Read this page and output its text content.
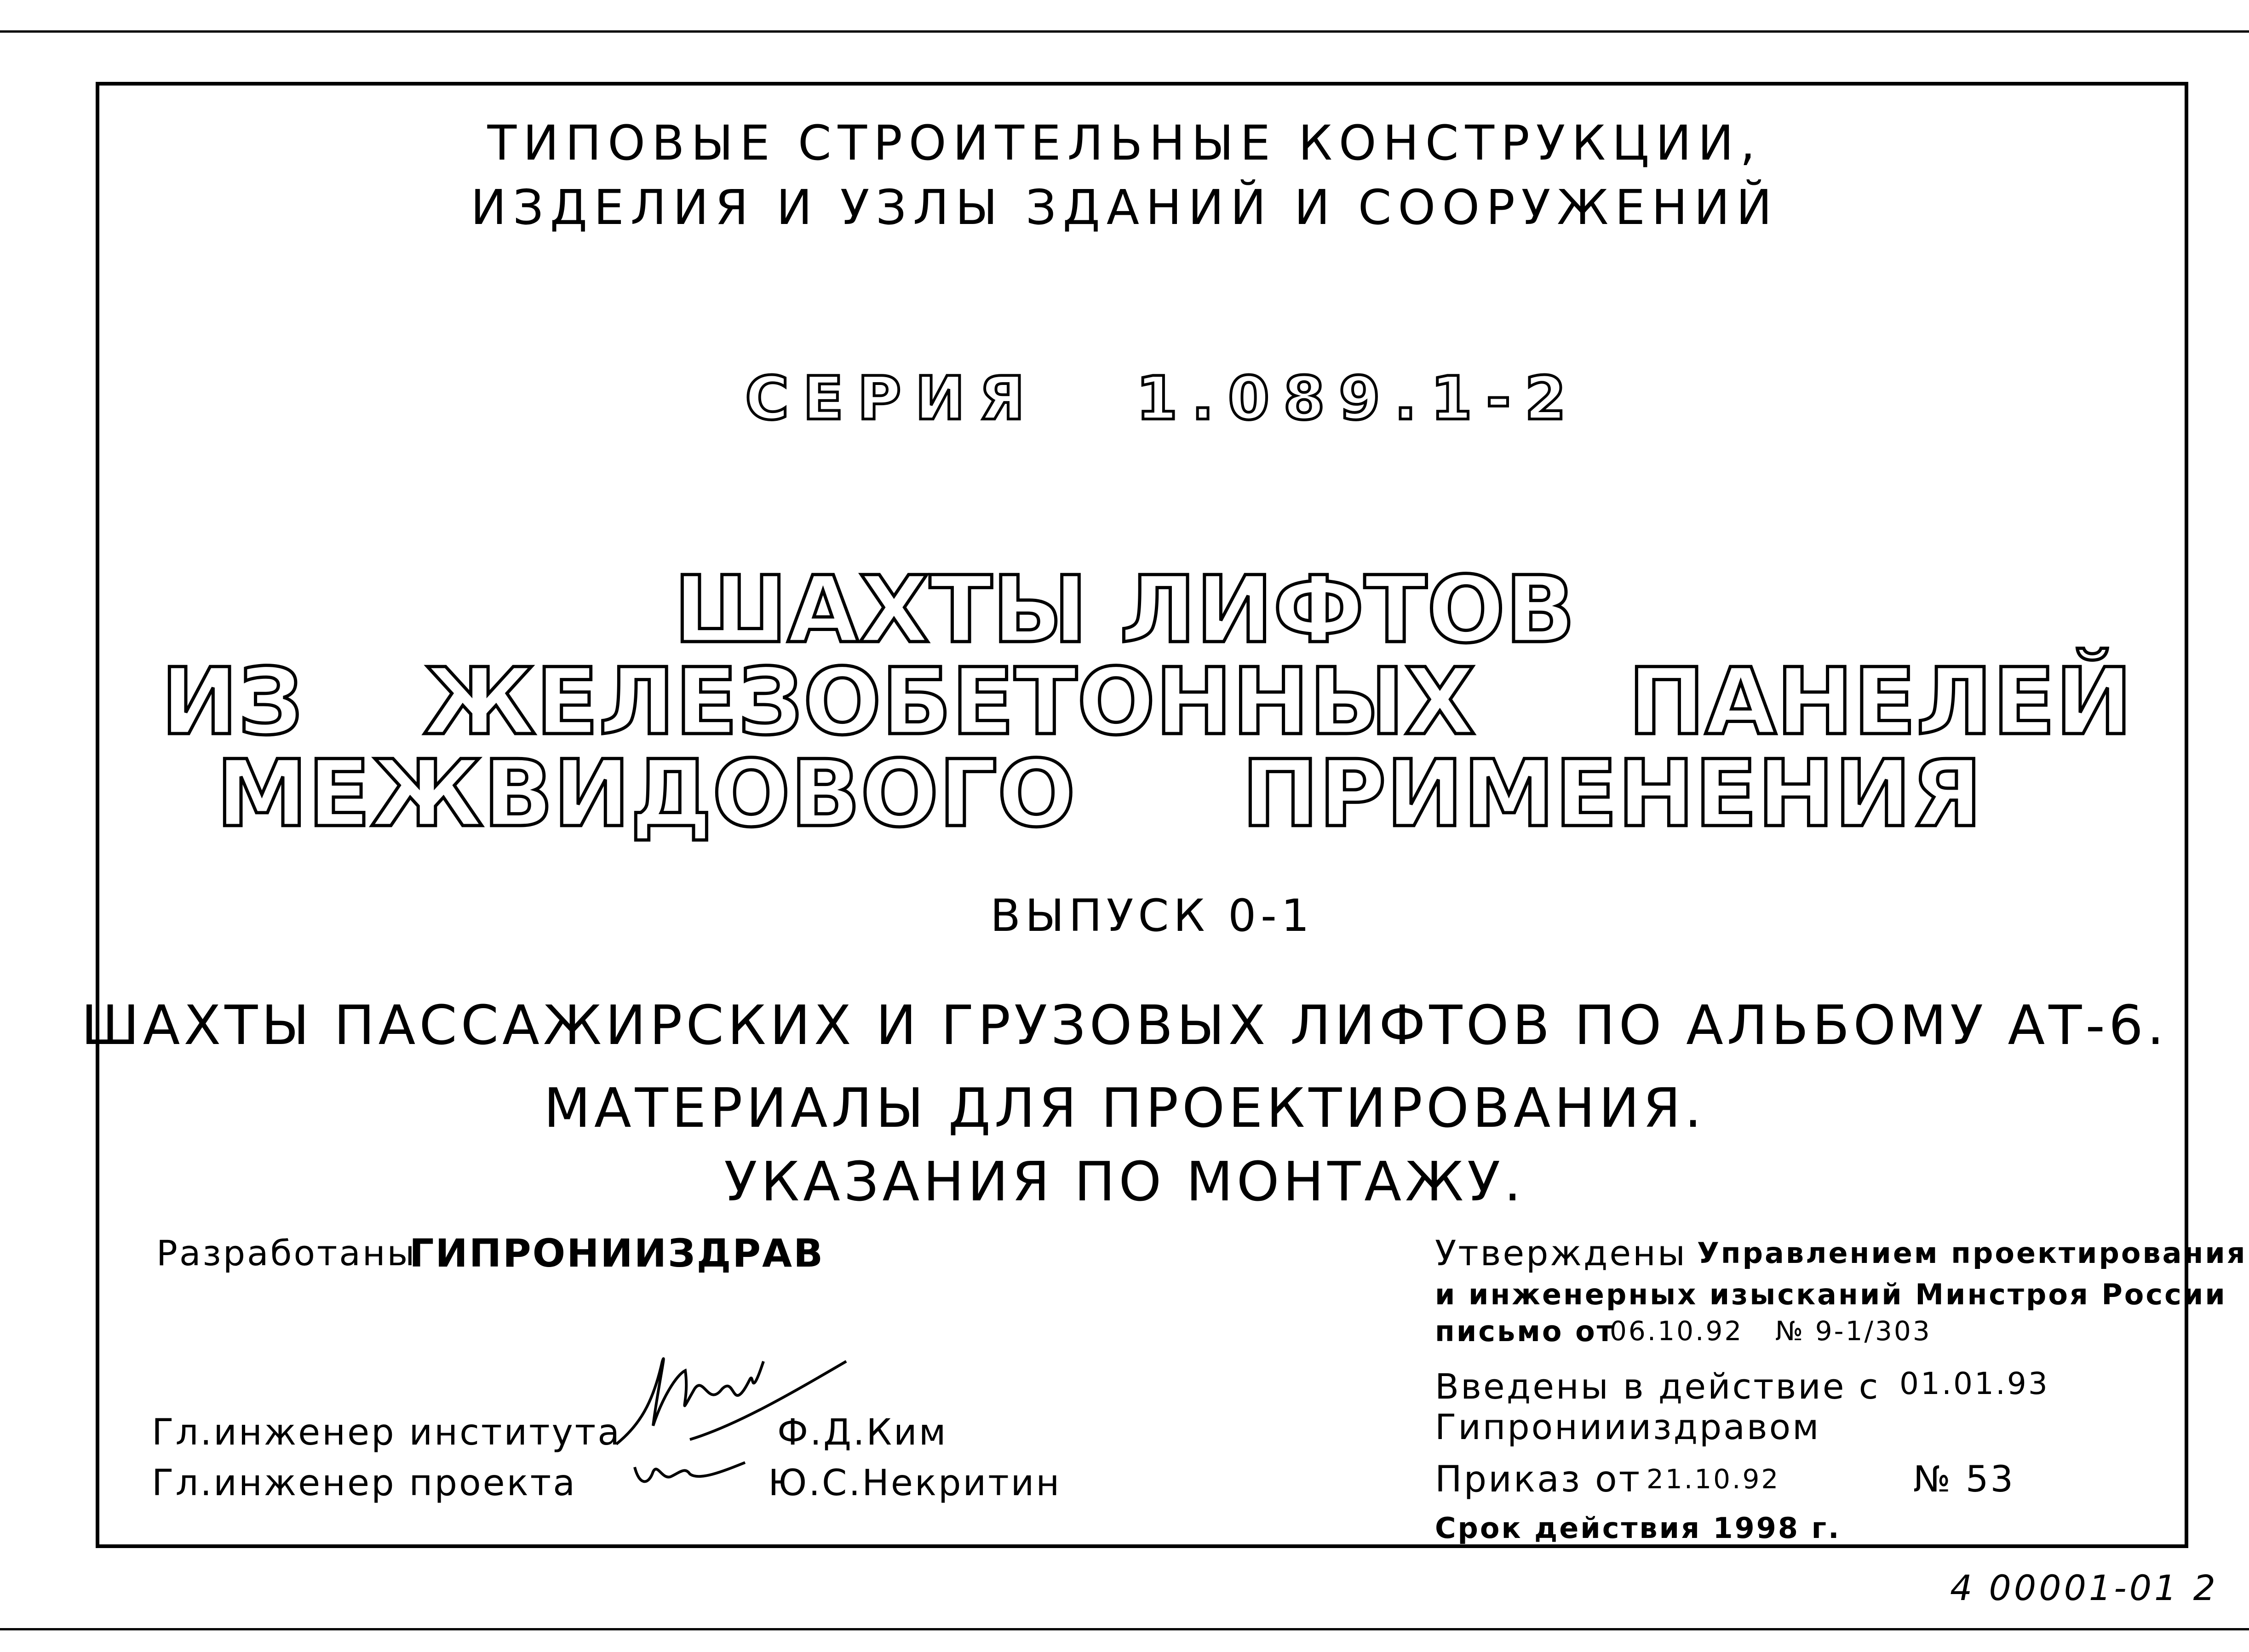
ТИПОВЫЕ СТРОИТЕЛЬНЫЕ КОНСТРУКЦИИ,
ИЗДЕЛИЯ И УЗЛЫ ЗДАНИЙ И СООРУЖЕНИЙ
СЕРИЯ 1.089.1-2
ШАХТЫ ЛИФТОВ
ИЗ ЖЕЛЕЗОБЕТОННЫХ ПАНЕЛЕЙ
МЕЖВИДОВОГО ПРИМЕНЕНИЯ
ВЫПУСК 0-1
ШАХТЫ ПАССАЖИРСКИХ И ГРУЗОВЫХ ЛИФТОВ ПО АЛЬБОМУ АТ-6.
МАТЕРИАЛЫ ДЛЯ ПРОЕКТИРОВАНИЯ.
УКАЗАНИЯ ПО МОНТАЖУ.
Разработаны
ГИПРОНИИЗДРАВ
Гл.инженер института	Ф.Д.Ким
Гл.инженер проекта	Ю.С.Некритин
Утверждены Управлением проектирования
и инженерных изысканий Минстроя России
письмо от
06.10.92 № 9-1/303
Введены в действие с 01.01.93
Гипрониииздравом
Приказ от 21.10.92	№ 53
Срок действия 1998 г.
4 00001-01 2
